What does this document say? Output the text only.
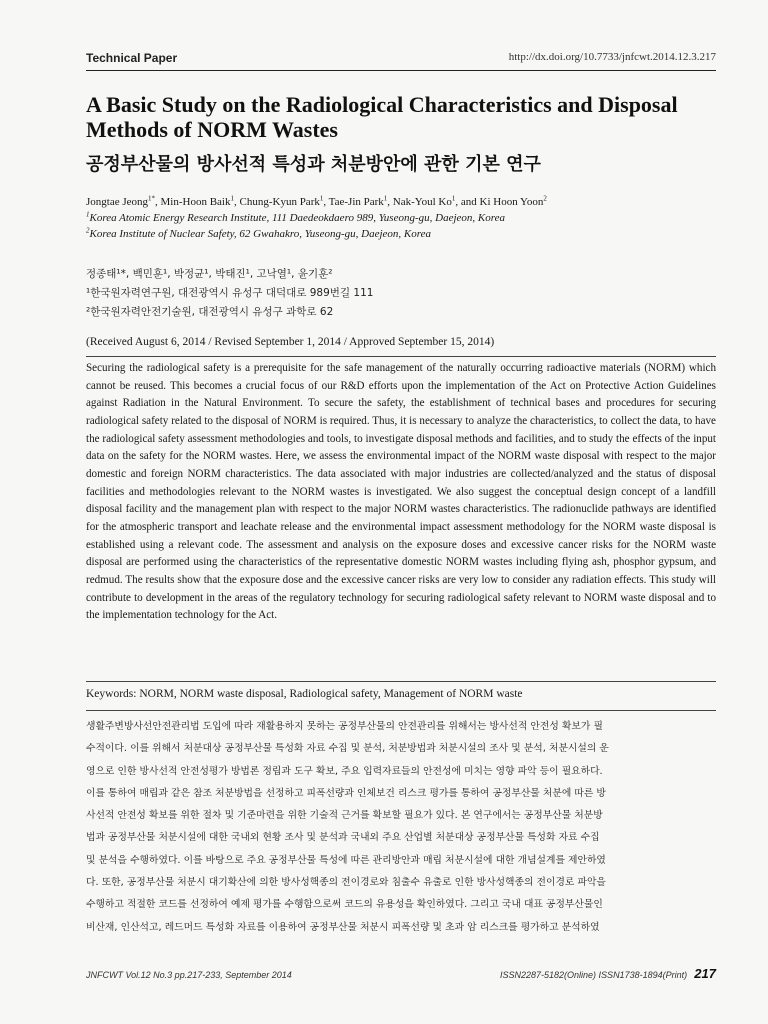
Technical Paper	http://dx.doi.org/10.7733/jnfcwt.2014.12.3.217
A Basic Study on the Radiological Characteristics and Disposal Methods of NORM Wastes
공정부산물의 방사선적 특성과 처분방안에 관한 기본 연구
Jongtae Jeong$^{1*}$, Min-Hoon Baik$^1$, Chung-Kyun Park$^1$, Tae-Jin Park$^1$, Nak-Youl Ko$^1$, and Ki Hoon Yoon$^2$
$^1$Korea Atomic Energy Research Institute, 111 Daedeokdaero 989, Yuseong-gu, Daejeon, Korea
$^2$Korea Institute of Nuclear Safety, 62 Gwahakro, Yuseong-gu, Daejeon, Korea
정종태¹*, 백민훈¹, 박정균¹, 박태진¹, 고낙열¹, 윤기훈²
¹한국원자력연구원, 대전광역시 유성구 대덕대로 989번길 111
²한국원자력안전기술원, 대전광역시 유성구 과학로 62
(Received August 6, 2014 / Revised September 1, 2014 / Approved September 15, 2014)
Securing the radiological safety is a prerequisite for the safe management of the naturally occurring radioactive materials (NORM) which cannot be reused. This becomes a crucial focus of our R&D efforts upon the implementation of the Act on Protective Action Guidelines against Radiation in the Natural Environment. To secure the safety, the establishment of technical bases and procedures for securing radiological safety related to the disposal of NORM is required. Thus, it is necessary to analyze the characteristics, to collect the data, to have the radiological safety assessment methodologies and tools, to investigate disposal methods and facilities, and to study the effects of the input data on the safety for the NORM wastes. Here, we assess the environmental impact of the NORM waste disposal with respect to the major domestic and foreign NORM characteristics. The data associated with major industries are collected/analyzed and the status of disposal facilities and methodologies relevant to the NORM wastes is investigated. We also suggest the conceptual design concept of a landfill disposal facility and the management plan with respect to the major NORM wastes characteristics. The radionuclide pathways are identified for the atmospheric transport and leachate release and the environmental impact assessment methodology for the NORM waste disposal is established using a relevant code. The assessment and analysis on the exposure doses and excessive cancer risks for the NORM waste disposal are performed using the characteristics of the representative domestic NORM wastes including flying ash, phosphor gypsum, and redmud. The results show that the exposure dose and the excessive cancer risks are very low to consider any radiation effects. This study will contribute to development in the areas of the regulatory technology for securing radiological safety relevant to NORM waste disposal and to the implementation technology for the Act.
Keywords: NORM, NORM waste disposal, Radiological safety, Management of NORM waste
생활주변방사선안전관리법 도입에 따라 재활용하지 못하는 공정부산물의 안전관리를 위해서는 방사선적 안전성 확보가 필
수적이다. 이를 위해서 처분대상 공정부산물 특성화 자료 수집 및 분석, 처분방법과 처분시설의 조사 및 분석, 처분시설의 운
영으로 인한 방사선적 안전성평가 방법론 정립과 도구 확보, 주요 입력자료들의 안전성에 미치는 영향 파악 등이 필요하다.
이를 통하여 매립과 같은 참조 처분방법을 선정하고 피폭선량과 인체보건 리스크 평가를 통하여 공정부산물 처분에 따른 방
사선적 안전성 확보를 위한 절차 및 기준마련을 위한 기술적 근거를 확보할 필요가 있다. 본 연구에서는 공정부산물 처분방
법과 공정부산물 처분시설에 대한 국내외 현황 조사 및 분석과 국내외 주요 산업별 처분대상 공정부산물 특성화 자료 수집
및 분석을 수행하였다. 이를 바탕으로 주요 공정부산물 특성에 따른 관리방안과 매립 처분시설에 대한 개념설계를 제안하였
다. 또한, 공정부산물 처분시 대기확산에 의한 방사성핵종의 전이경로와 침출수 유출로 인한 방사성핵종의 전이경로 파악을
수행하고 적절한 코드를 선정하여 예제 평가를 수행함으로써 코드의 유용성을 확인하였다. 그리고 국내 대표 공정부산물인
비산재, 인산석고, 레드머드 특성화 자료를 이용하여 공정부산물 처분시 피폭선량 및 초과 암 리스크를 평가하고 분석하였
JNFCWT Vol.12 No.3 pp.217-233, September 2014	ISSN2287-5182(Online) ISSN1738-1894(Print) 217
